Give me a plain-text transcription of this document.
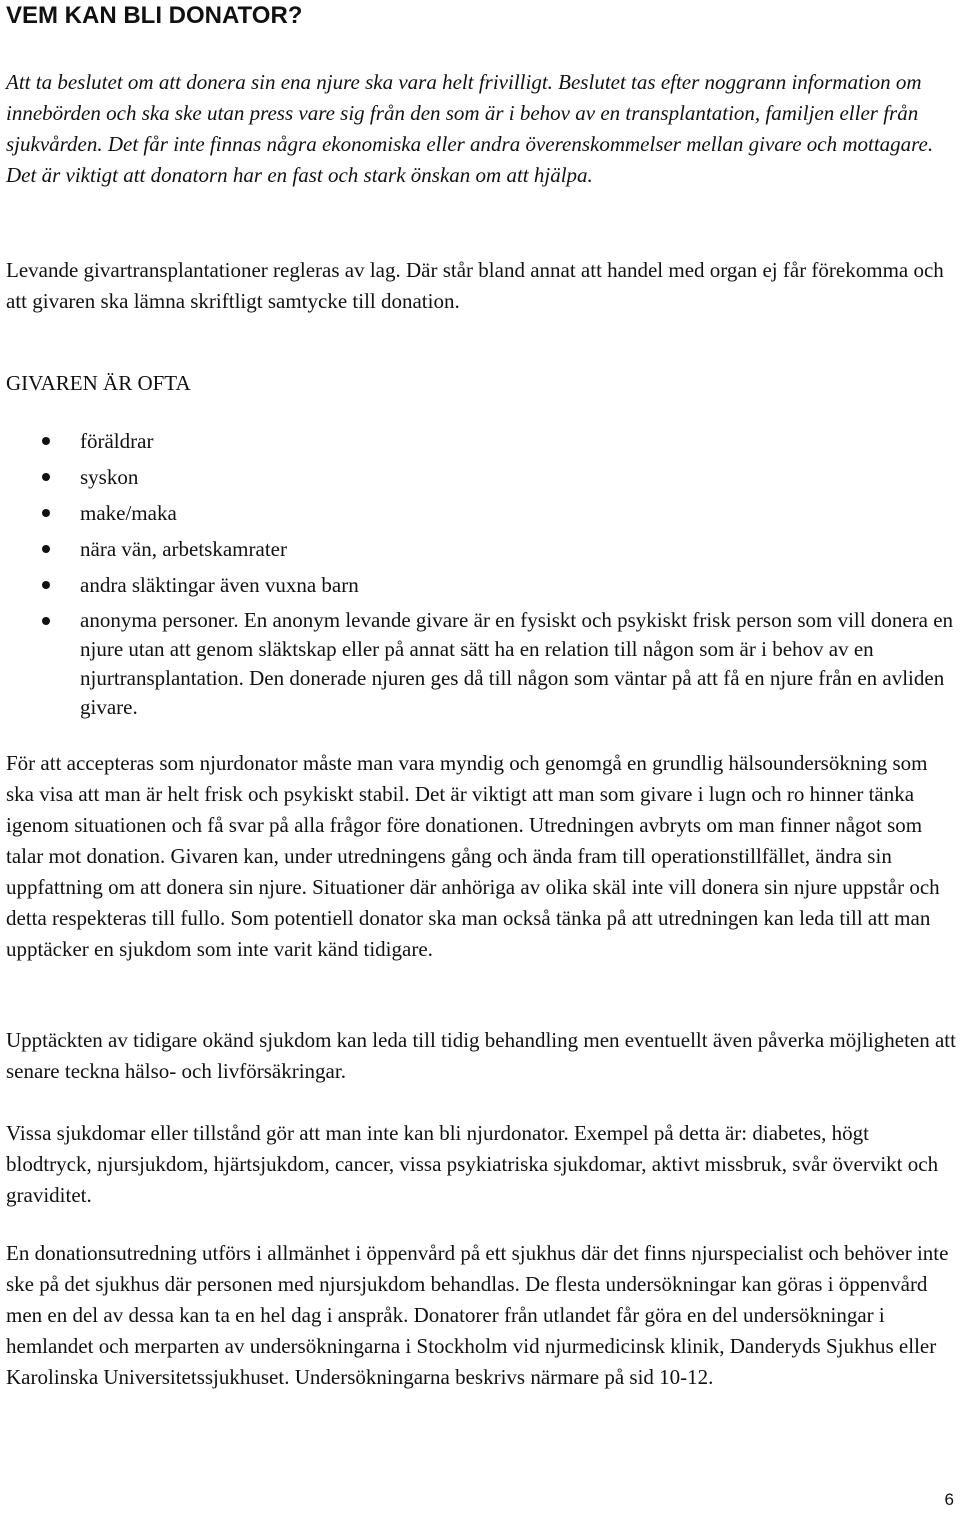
VEM KAN BLI DONATOR?

Att ta beslutet om att donera sin ena njure ska vara helt frivilligt. Beslutet tas efter noggrann information om innebörden och ska ske utan press vare sig från den som är i behov av en transplantation, familjen eller från sjukvården. Det får inte finnas några ekonomiska eller andra överenskommelser mellan givare och mottagare. Det är viktigt att donatorn har en fast och stark önskan om att hjälpa.

Levande givartransplantationer regleras av lag. Där står bland annat att handel med organ ej får förekomma och att givaren ska lämna skriftligt samtycke till donation.

GIVAREN ÄR OFTA

föräldrar
syskon
make/maka
nära vän, arbetskamrater
andra släktingar även vuxna barn
anonyma personer. En anonym levande givare är en fysiskt och psykiskt frisk person som vill donera en njure utan att genom släktskap eller på annat sätt ha en relation till någon som är i behov av en njurtransplantation. Den donerade njuren ges då till någon som väntar på att få en njure från en avliden givare.

För att accepteras som njurdonator måste man vara myndig och genomgå en grundlig hälsoundersökning som ska visa att man är helt frisk och psykiskt stabil. Det är viktigt att man som givare i lugn och ro hinner tänka igenom situationen och få svar på alla frågor före donationen. Utredningen avbryts om man finner något som talar mot donation. Givaren kan, under utredningens gång och ända fram till operationstillfället, ändra sin uppfattning om att donera sin njure. Situationer där anhöriga av olika skäl inte vill donera sin njure uppstår och detta respekteras till fullo. Som potentiell donator ska man också tänka på att utredningen kan leda till att man upptäcker en sjukdom som inte varit känd tidigare.

Upptäckten av tidigare okänd sjukdom kan leda till tidig behandling men eventuellt även påverka möjligheten att senare teckna hälso- och livförsäkringar.

Vissa sjukdomar eller tillstånd gör att man inte kan bli njurdonator. Exempel på detta är: diabetes, högt blodtryck, njursjukdom, hjärtsjukdom, cancer, vissa psykiatriska sjukdomar, aktivt missbruk, svår övervikt och graviditet.

En donationsutredning utförs i allmänhet i öppenvård på ett sjukhus där det finns njurspecialist och behöver inte ske på det sjukhus där personen med njursjukdom behandlas. De flesta undersökningar kan göras i öppenvård men en del av dessa kan ta en hel dag i anspråk. Donatorer från utlandet får göra en del undersökningar i hemlandet och merparten av undersökningarna i Stockholm vid njurmedicinsk klinik, Danderyds Sjukhus eller Karolinska Universitetssjukhuset. Undersökningarna beskrivs närmare på sid 10-12.

6
